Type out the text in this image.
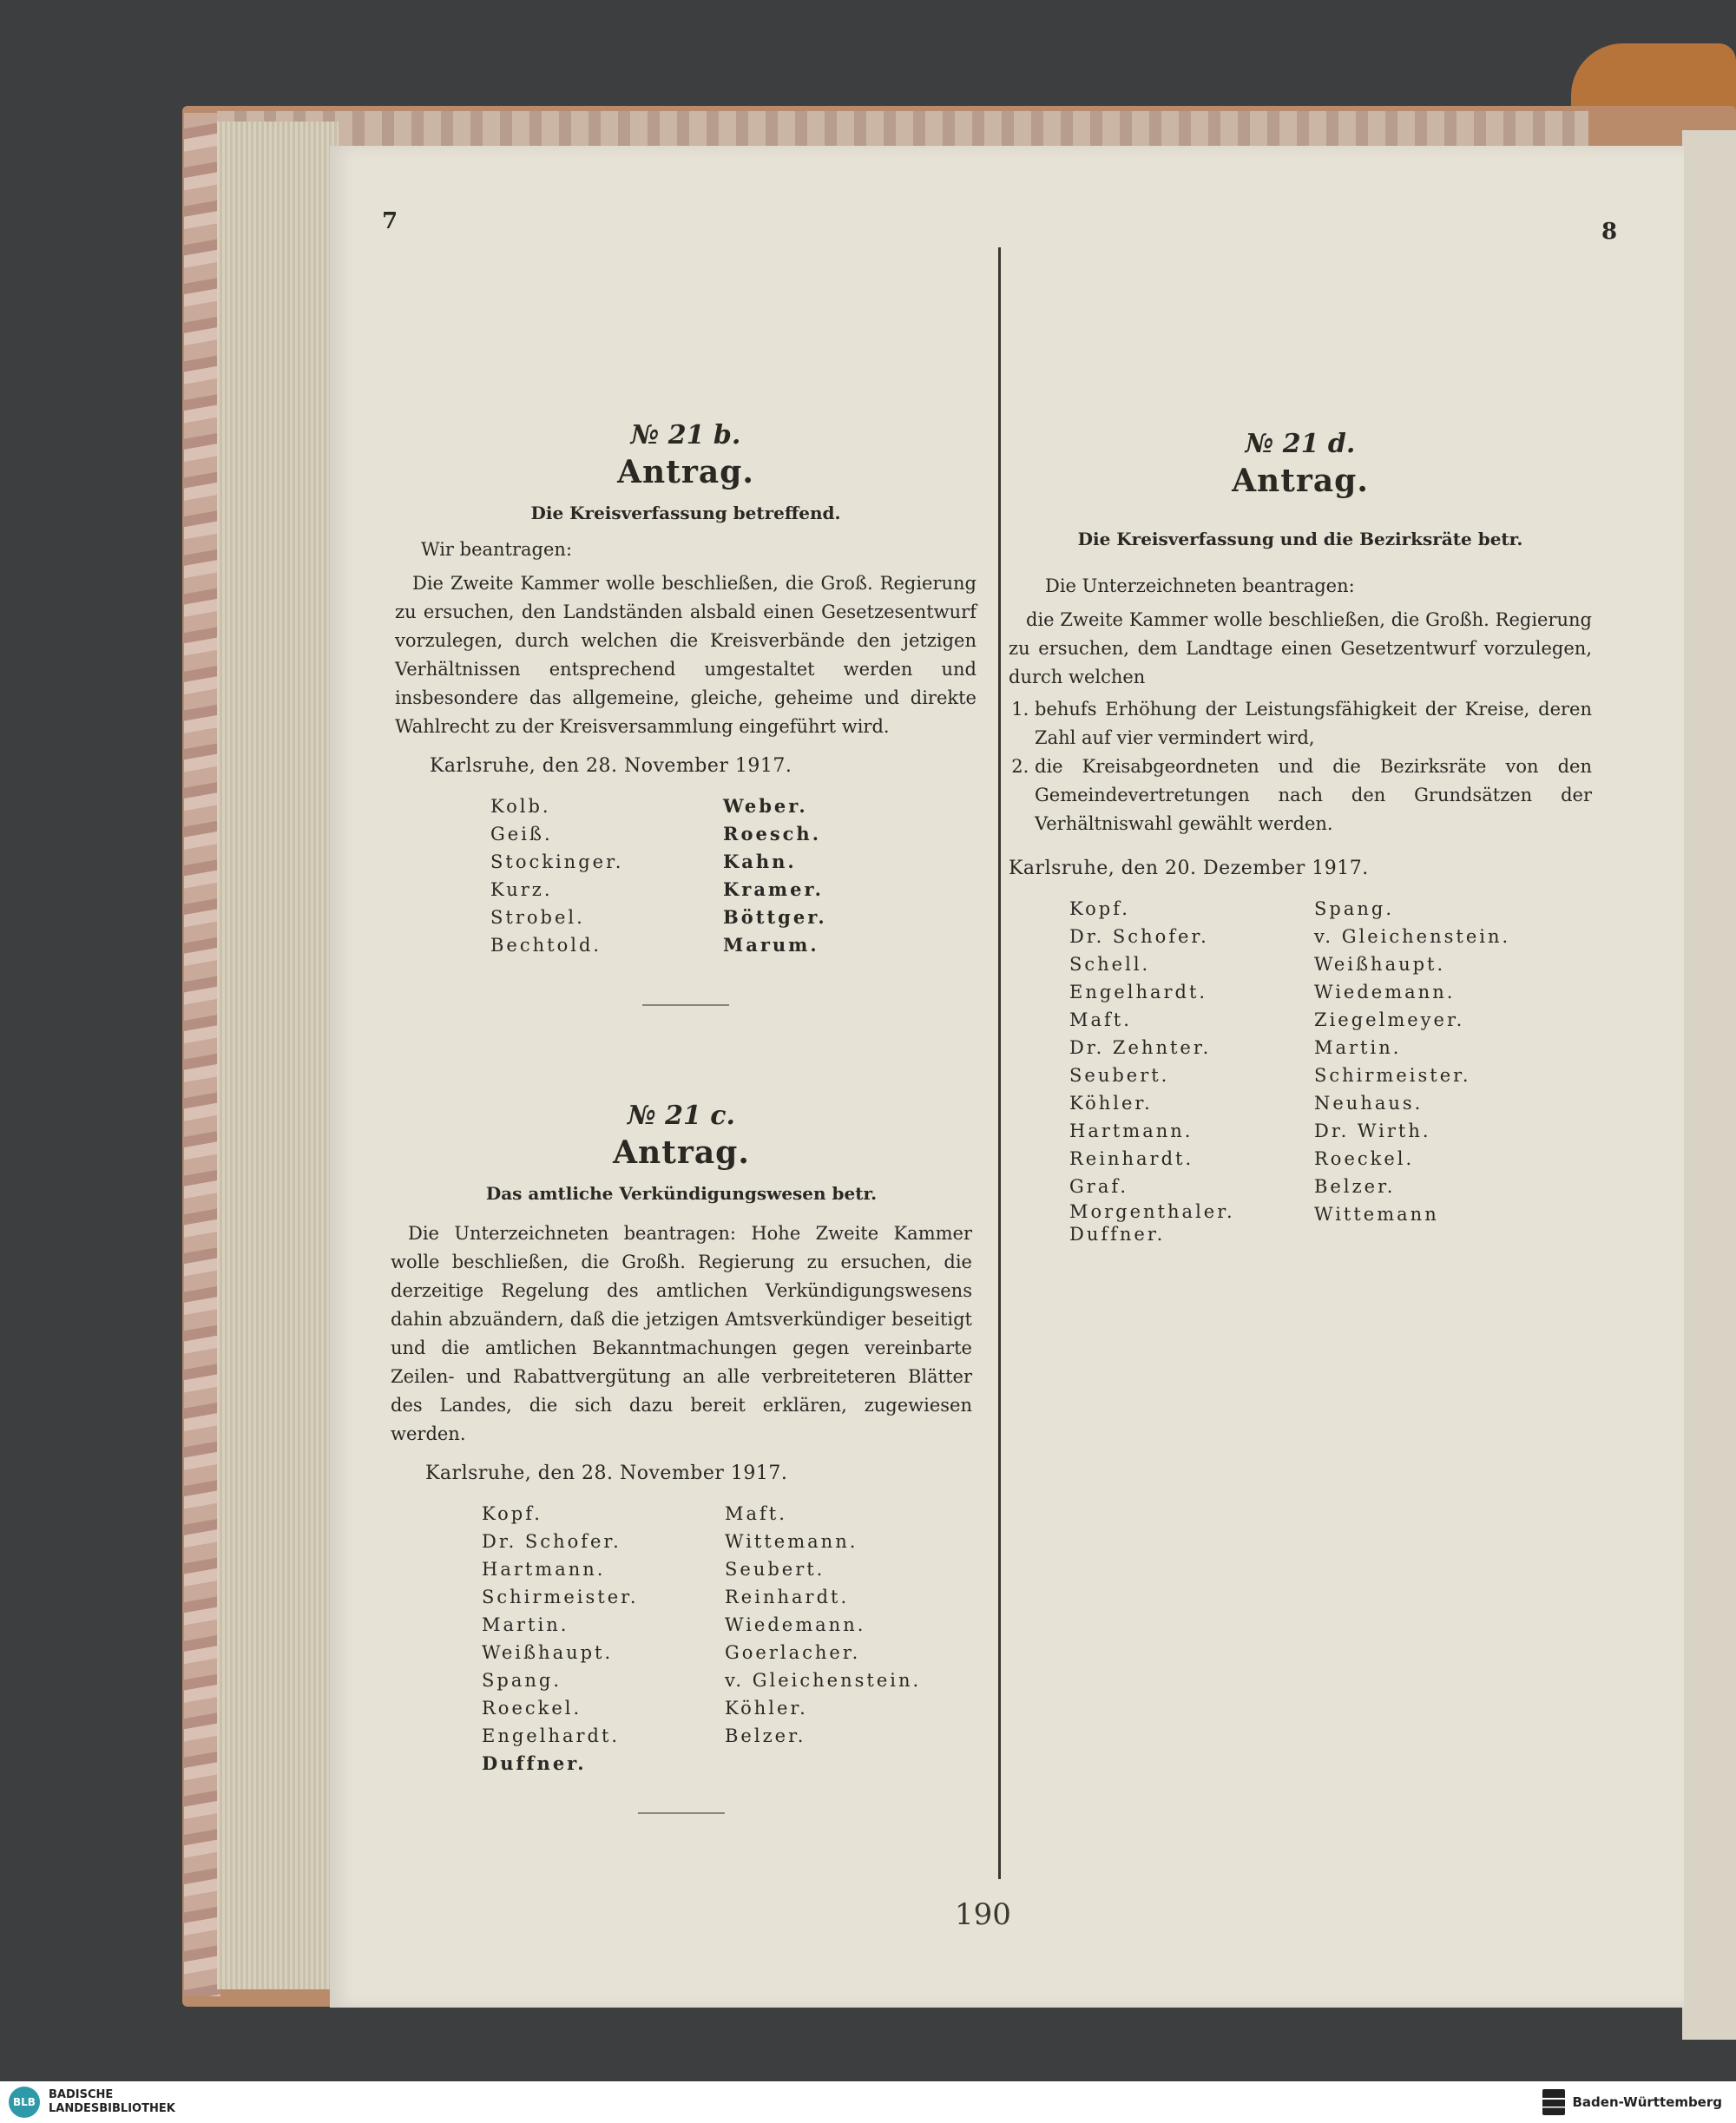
7	8
№ 21 b.
Antrag.
Die Kreisverfassung betreffend.

Wir beantragen:

Die Zweite Kammer wolle beschließen, die Groß. Regierung zu ersuchen, den Landständen alsbald einen Gesetzesentwurf vorzulegen, durch welchen die Kreisverbände den jetzigen Verhältnissen entsprechend umgestaltet werden und insbesondere das allgemeine, gleiche, geheime und direkte Wahlrecht zu der Kreisversammlung eingeführt wird.

Karlsruhe, den 28. November 1917.
Kolb.
Geiß.
Stockinger.
Kurz.
Strobel.
Bechtold.
Weber.
Roesch.
Kahn.
Kramer.
Böttger.
Marum.
№ 21 c.
Antrag.
Das amtliche Verkündigungswesen betr.

Die Unterzeichneten beantragen: Hohe Zweite Kammer wolle beschließen, die Großh. Regierung zu ersuchen, die derzeitige Regelung des amtlichen Verkündigungswesens dahin abzuändern, daß die jetzigen Amtsverkündiger beseitigt und die amtlichen Bekanntmachungen gegen vereinbarte Zeilen- und Rabattvergütung an alle verbreiteteren Blätter des Landes, die sich dazu bereit erklären, zugewiesen werden.

Karlsruhe, den 28. November 1917.
Kopf.
Dr. Schofer.
Hartmann.
Schirmeister.
Martin.
Weißhaupt.
Spang.
Roeckel.
Engelhardt.
Duffner.
Maft.
Wittemann.
Seubert.
Reinhardt.
Wiedemann.
Goerlacher.
v. Gleichenstein.
Köhler.
Belzer.
№ 21 d.
Antrag.
Die Kreisverfassung und die Bezirksräte betr.

Die Unterzeichneten beantragen:

die Zweite Kammer wolle beschließen, die Großh. Regierung zu ersuchen, dem Landtage einen Gesetzentwurf vorzulegen, durch welchen

1. behufs Erhöhung der Leistungsfähigkeit der Kreise, deren Zahl auf vier vermindert wird,
2. die Kreisabgeordneten und die Bezirksräte von den Gemeindevertretungen nach den Grundsätzen der Verhältniswahl gewählt werden.
Karlsruhe, den 20. Dezember 1917.
Kopf.
Dr. Schofer.
Schell.
Engelhardt.
Maft.
Dr. Zehnter.
Seubert.
Köhler.
Hartmann.
Reinhardt.
Graf.
Morgenthaler.
Duffner.
Spang.
v. Gleichenstein.
Weißhaupt.
Wiedemann.
Ziegelmeyer.
Martin.
Schirmeister.
Neuhaus.
Dr. Wirth.
Roeckel.
Belzer.
Wittemann
190
BLB
BADISCHE
LANDESBIBLIOTHEK	Baden-Württemberg
